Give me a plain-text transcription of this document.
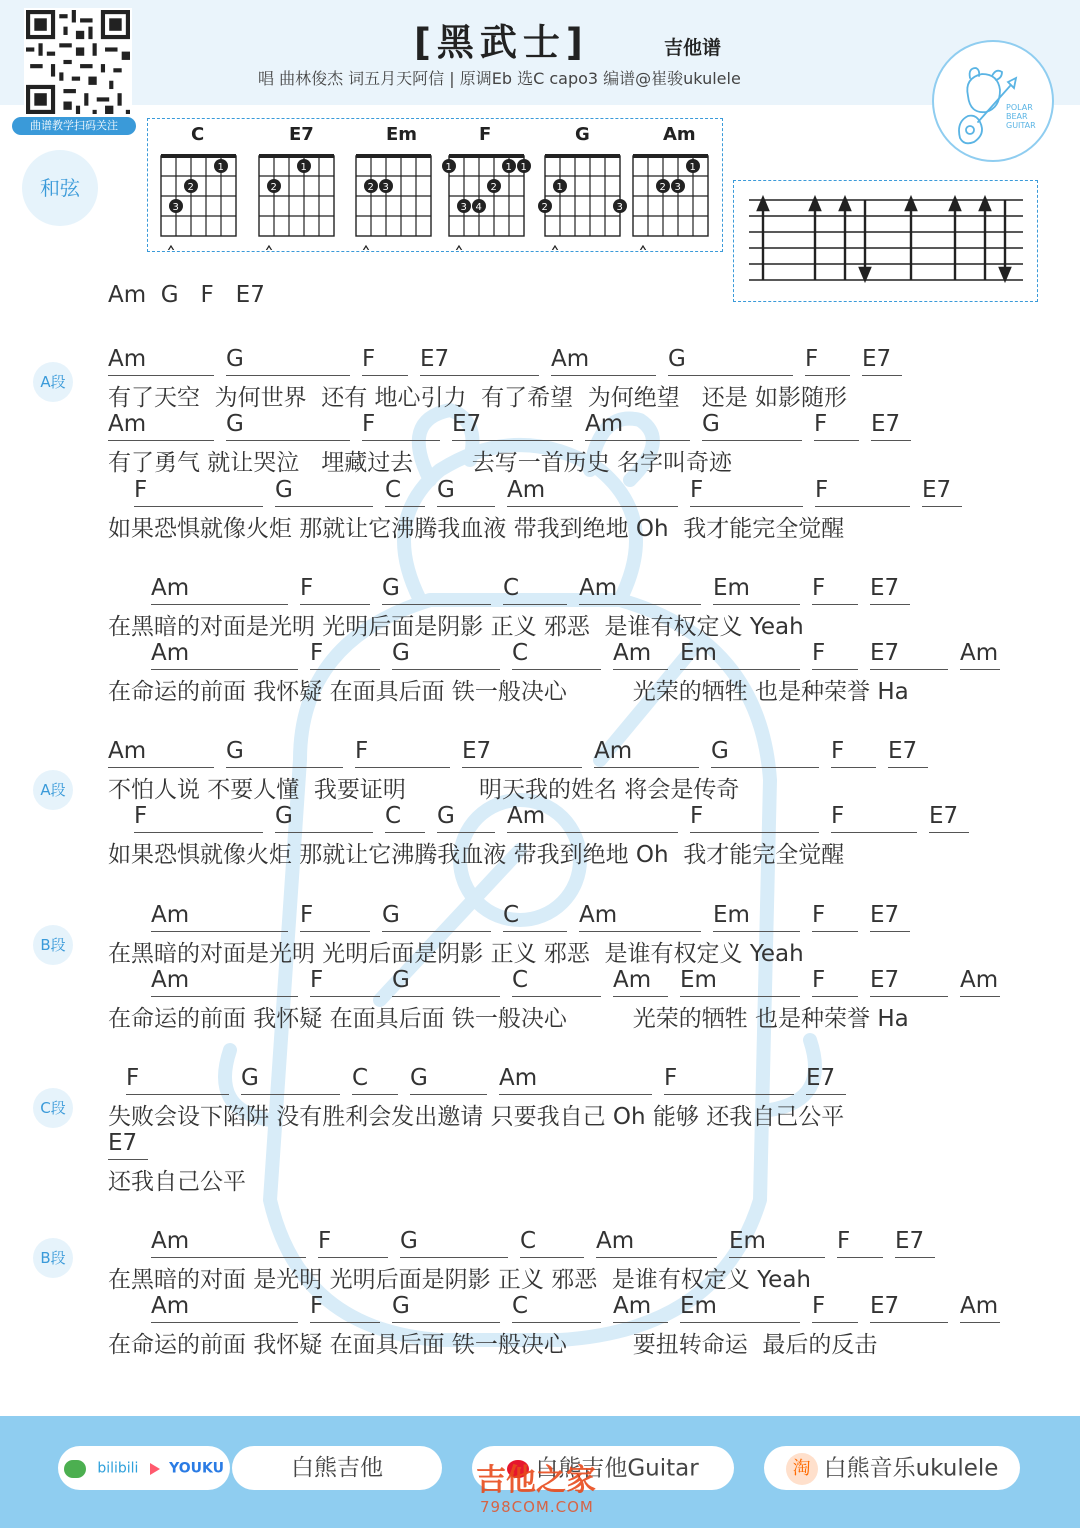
曲谱教学扫码关注
[黑武士]	吉他谱
唱 曲林俊杰 词五月天阿信 | 原调Eb 选C capo3 编谱@崔骏ukulele
POLAR
BEAR
GUITAR
和弦
C	E7	Em	F	G	Am
1
2
3
1
2	2 3
1	1 1
2
3 4
1
2	3
1
2 3
Am  G   F   E7
A段
Am	G	F E7	Am	G	F E7
有了天空  为何世界  还有 地心引力  有了希望  为何绝望   还是 如影随形
Am	G	F	E7	Am	G	F E7
有了勇气 就让哭泣   埋藏过去        去写一首历史 名字叫奇迹
F	G	C G Am	F	F	E7
如果恐惧就像火炬 那就让它沸腾我血液 带我到绝地 Oh  我才能完全觉醒
Am	F	G	C	Am	Em	F E7
在黑暗的对面是光明 光明后面是阴影 正义 邪恶  是谁有权定义 Yeah
Am	F	G	C	Am Em	F E7	Am
在命运的前面 我怀疑 在面具后面 铁一般决心         光荣的牺牲 也是种荣誉 Ha
A段
Am	G	F	E7	Am	G	F E7
不怕人说 不要人懂  我要证明          明天我的姓名 将会是传奇
F	G	C G Am	F	F	E7
如果恐惧就像火炬 那就让它沸腾我血液 带我到绝地 Oh  我才能完全觉醒
B段
Am	F	G	C	Am	Em	F E7
在黑暗的对面是光明 光明后面是阴影 正义 邪恶  是谁有权定义 Yeah
Am	F	G	C	Am Em	F E7	Am
在命运的前面 我怀疑 在面具后面 铁一般决心         光荣的牺牲 也是种荣誉 Ha
C段
F	G	C G	Am	F	E7
失败会设下陷阱 没有胜利会发出邀请 只要我自己 Oh 能够 还我自己公平
E7
还我自己公平
B段
Am	F	G	C	Am	Em	F E7
在黑暗的对面 是光明 光明后面是阴影 正义 邪恶  是谁有权定义 Yeah
Am	F	G	C	Am Em	F E7	Am
在命运的前面 我怀疑 在面具后面 铁一般决心         要扭转命运  最后的反击
bilibili YOUKU	白熊吉他	白熊吉他Guitar	淘 白熊音乐ukulele
吉他之家
798COM.COM
